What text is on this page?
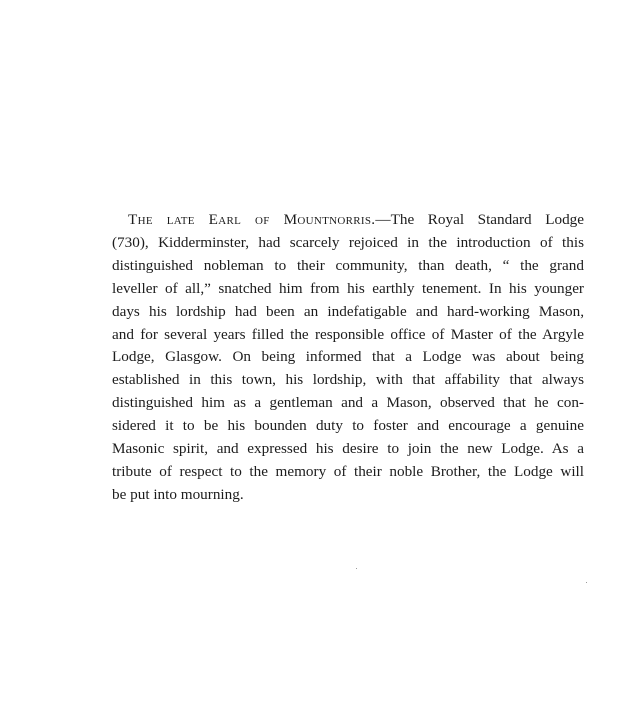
The late Earl of Mountnorris.—The Royal Standard Lodge
(730), Kidderminster, had scarcely rejoiced in the introduction of this
distinguished nobleman to their community, than death, “ the grand
leveller of all,” snatched him from his earthly tenement. In his younger
days his lordship had been an indefatigable and hard-working Mason,
and for several years filled the responsible office of Master of the Argyle
Lodge, Glasgow. On being informed that a Lodge was about being
established in this town, his lordship, with that affability that always
distinguished him as a gentleman and a Mason, observed that he con-
sidered it to be his bounden duty to foster and encourage a genuine
Masonic spirit, and expressed his desire to join the new Lodge. As a
tribute of respect to the memory of their noble Brother, the Lodge will
be put into mourning.
